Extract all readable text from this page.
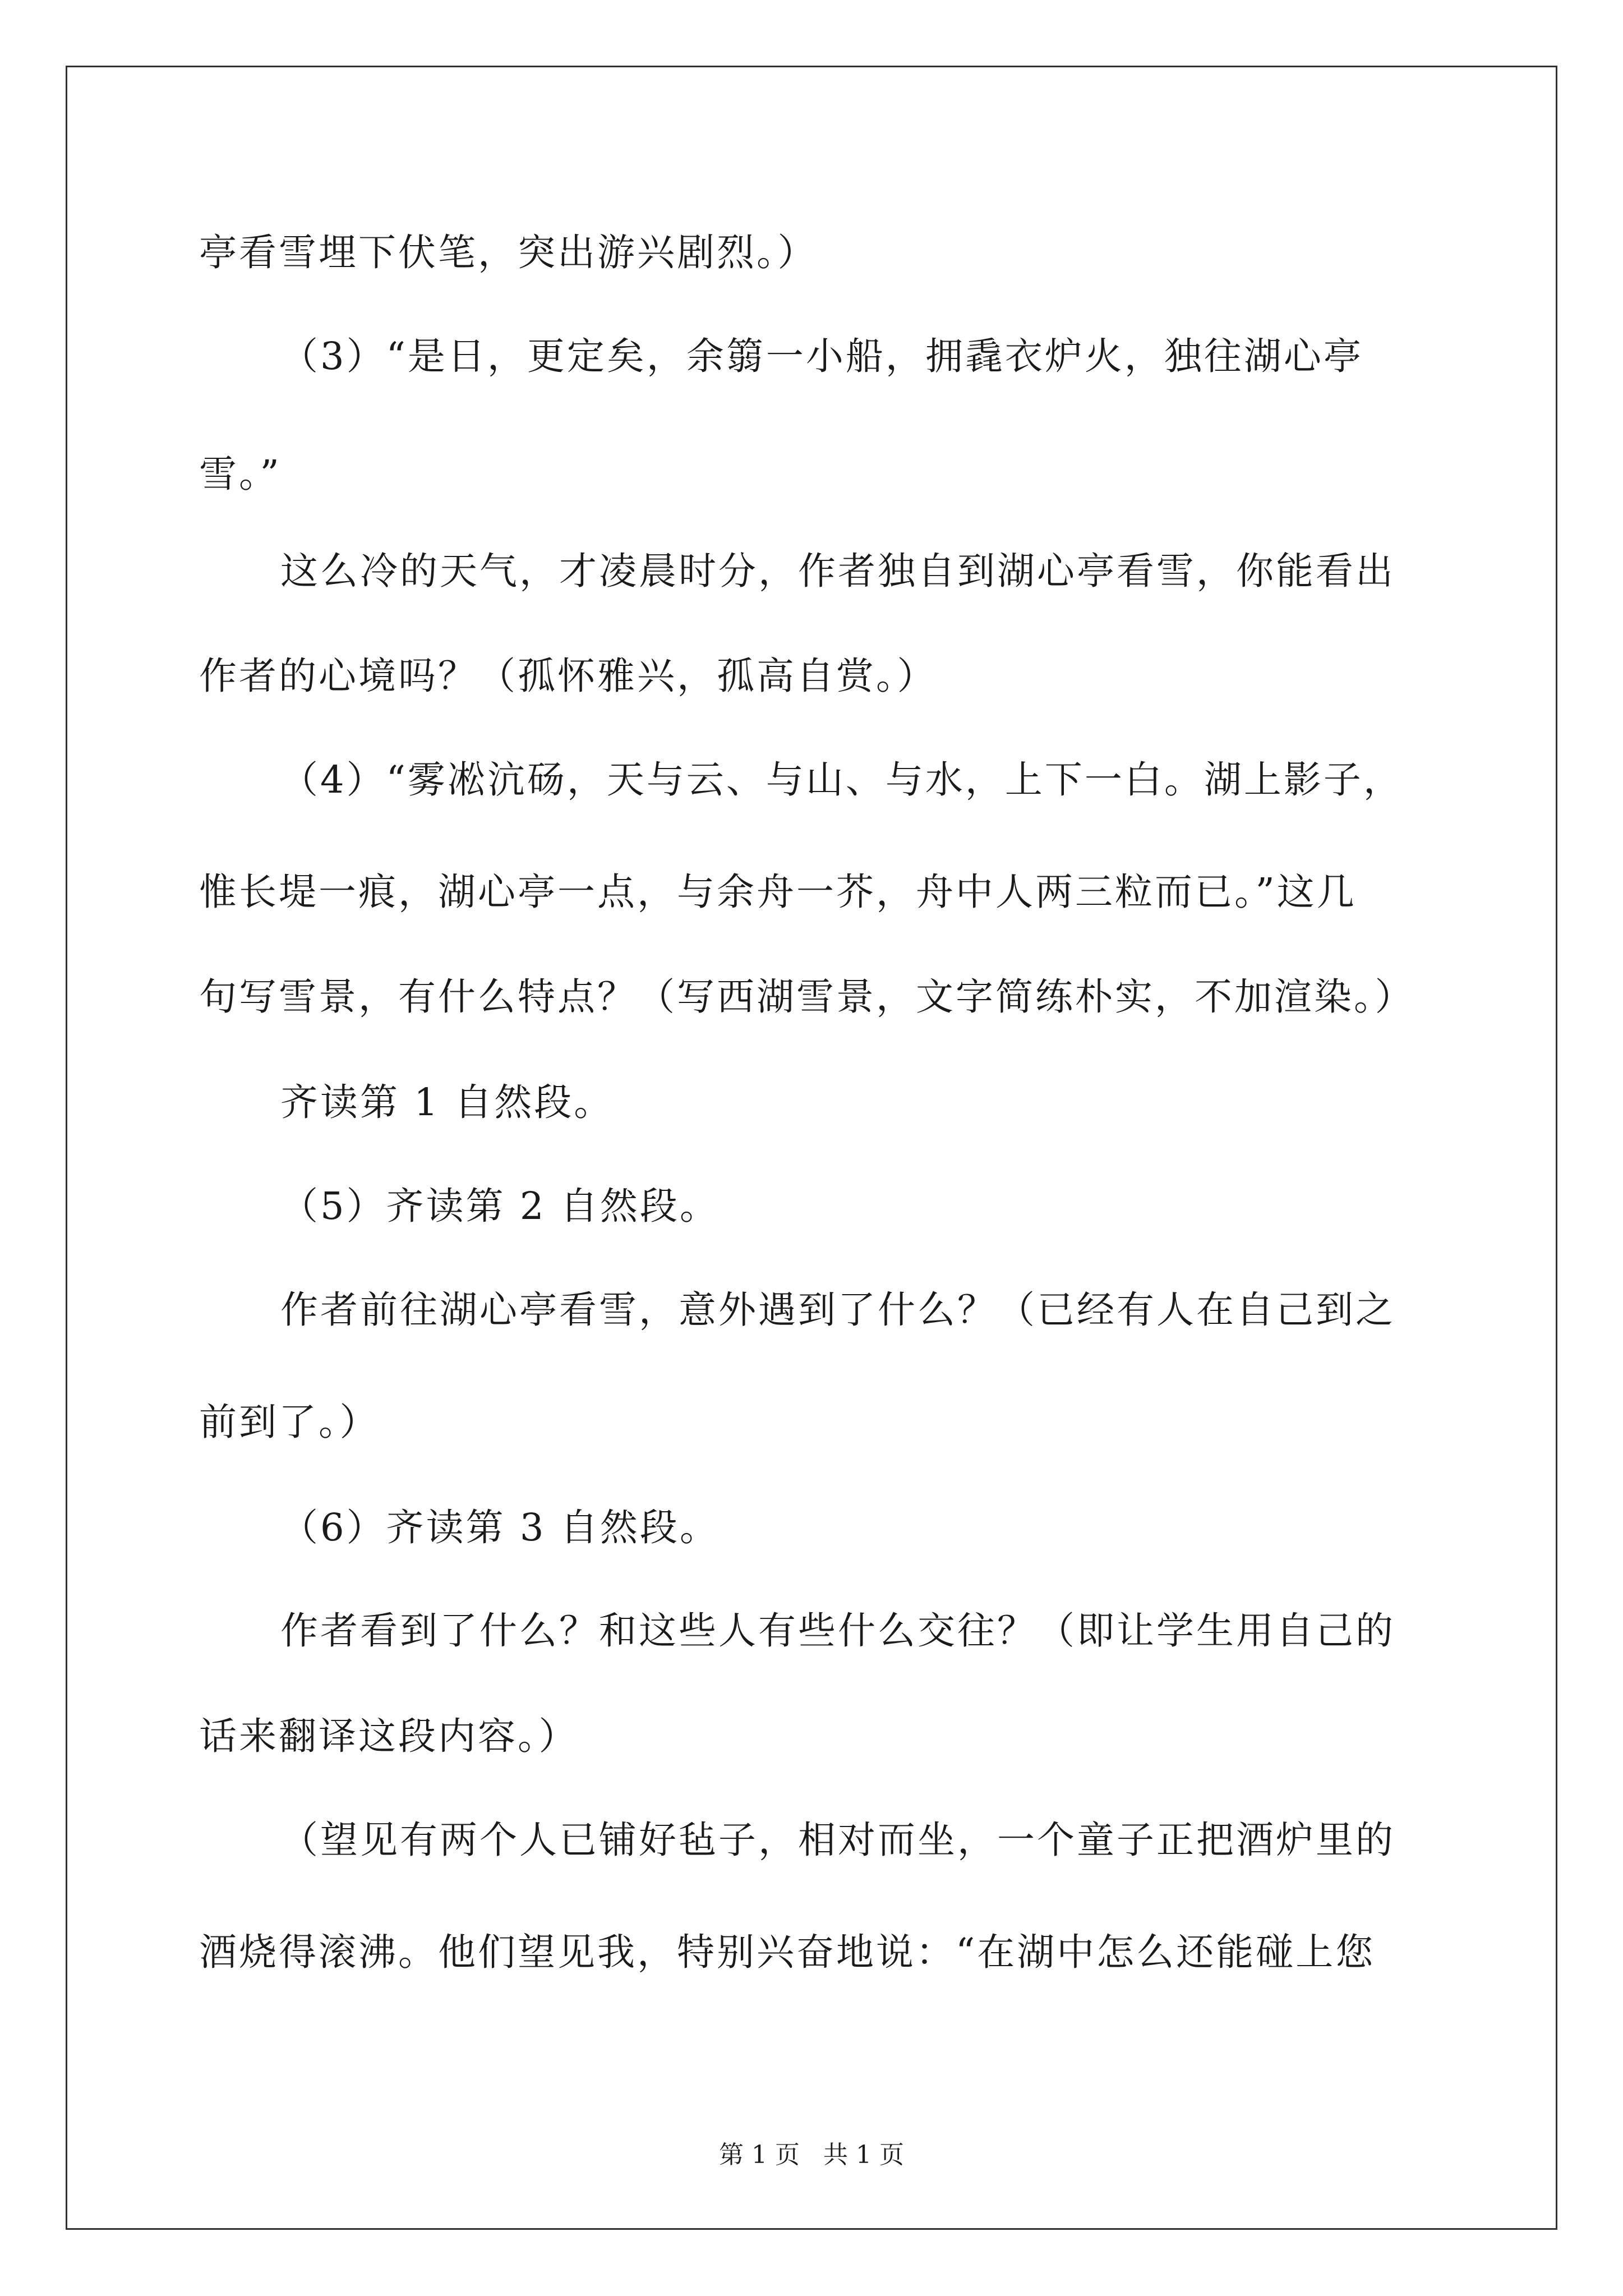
亭看雪埋下伏笔，突出游兴剧烈。）
（3）“是日，更定矣，余篛一小船，拥毳衣炉火，独往湖心亭
雪。”
这么冷的天气，才凌晨时分，作者独自到湖心亭看雪，你能看出
作者的心境吗？（孤怀雅兴，孤高自赏。）
（4）“雾凇沆砀，天与云、与山、与水，上下一白。湖上影子，
惟长堤一痕，湖心亭一点，与余舟一芥，舟中人两三粒而已。”这几
句写雪景，有什么特点？（写西湖雪景，文字简练朴实，不加渲染。）
齐读第 1 自然段。
（5）齐读第 2 自然段。
作者前往湖心亭看雪，意外遇到了什么？（已经有人在自己到之
前到了。）
（6）齐读第 3 自然段。
作者看到了什么？和这些人有些什么交往？（即让学生用自己的
话来翻译这段内容。）
（望见有两个人已铺好毡子，相对而坐，一个童子正把酒炉里的
酒烧得滚沸。他们望见我，特别兴奋地说：“在湖中怎么还能碰上您
第 1 页   共 1 页
